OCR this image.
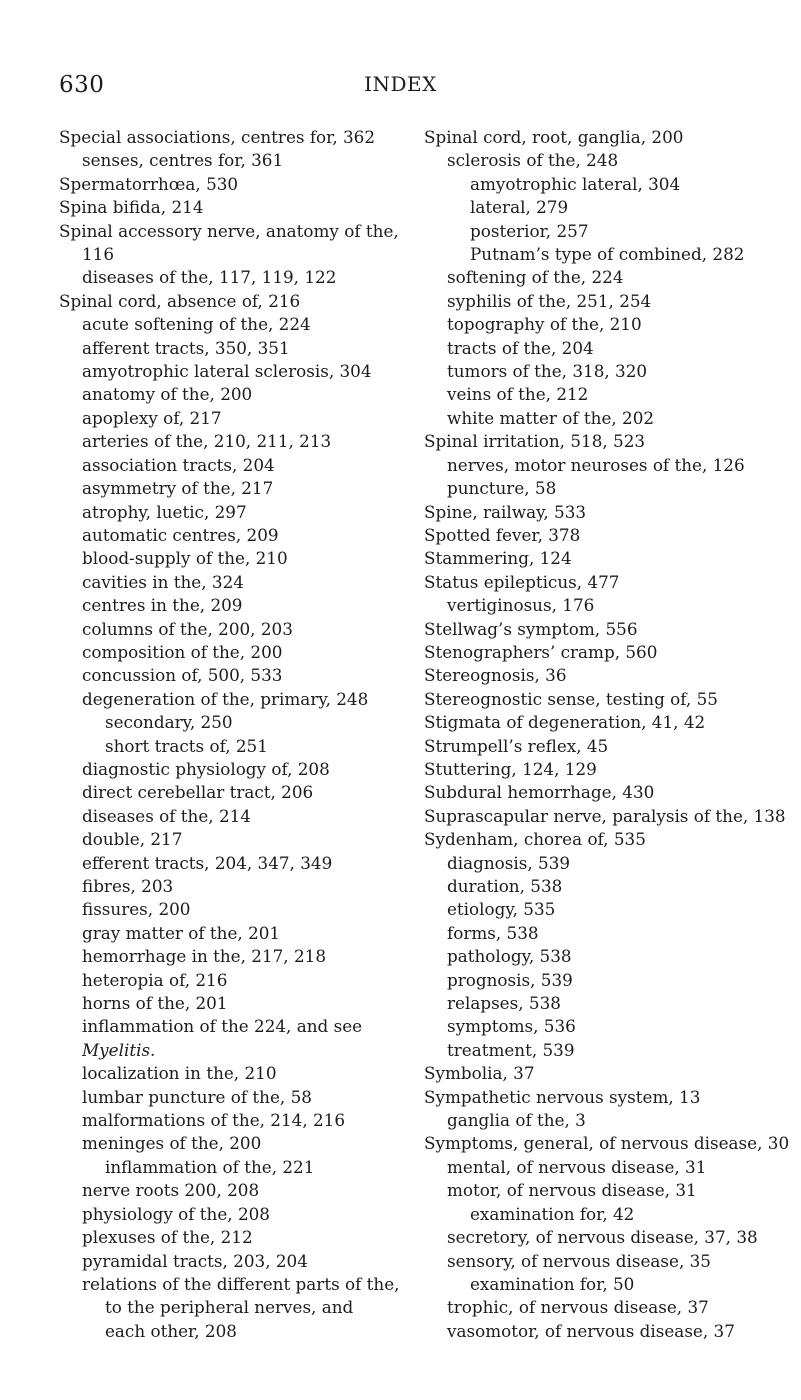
630	INDEX
Special associations, centres for, 362
senses, centres for, 361
Spermatorrhœa, 530
Spina bifida, 214
Spinal accessory nerve, anatomy of the,
116
diseases of the, 117, 119, 122
Spinal cord, absence of, 216
acute softening of the, 224
afferent tracts, 350, 351
amyotrophic lateral sclerosis, 304
anatomy of the, 200
apoplexy of, 217
arteries of the, 210, 211, 213
association tracts, 204
asymmetry of the, 217
atrophy, luetic, 297
automatic centres, 209
blood-supply of the, 210
cavities in the, 324
centres in the, 209
columns of the, 200, 203
composition of the, 200
concussion of, 500, 533
degeneration of the, primary, 248
secondary, 250
short tracts of, 251
diagnostic physiology of, 208
direct cerebellar tract, 206
diseases of the, 214
double, 217
efferent tracts, 204, 347, 349
fibres, 203
fissures, 200
gray matter of the, 201
hemorrhage in the, 217, 218
heteropia of, 216
horns of the, 201
inflammation of the 224, and see
Myelitis.
localization in the, 210
lumbar puncture of the, 58
malformations of the, 214, 216
meninges of the, 200
inflammation of the, 221
nerve roots 200, 208
physiology of the, 208
plexuses of the, 212
pyramidal tracts, 203, 204
relations of the different parts of the,
to the peripheral nerves, and
each other, 208
Spinal cord, root, ganglia, 200
sclerosis of the, 248
amyotrophic lateral, 304
lateral, 279
posterior, 257
Putnam’s type of combined, 282
softening of the, 224
syphilis of the, 251, 254
topography of the, 210
tracts of the, 204
tumors of the, 318, 320
veins of the, 212
white matter of the, 202
Spinal irritation, 518, 523
nerves, motor neuroses of the, 126
puncture, 58
Spine, railway, 533
Spotted fever, 378
Stammering, 124
Status epilepticus, 477
vertiginosus, 176
Stellwag’s symptom, 556
Stenographers’ cramp, 560
Stereognosis, 36
Stereognostic sense, testing of, 55
Stigmata of degeneration, 41, 42
Strumpell’s reflex, 45
Stuttering, 124, 129
Subdural hemorrhage, 430
Suprascapular nerve, paralysis of the, 138
Sydenham, chorea of, 535
diagnosis, 539
duration, 538
etiology, 535
forms, 538
pathology, 538
prognosis, 539
relapses, 538
symptoms, 536
treatment, 539
Symbolia, 37
Sympathetic nervous system, 13
ganglia of the, 3
Symptoms, general, of nervous disease, 30
mental, of nervous disease, 31
motor, of nervous disease, 31
examination for, 42
secretory, of nervous disease, 37, 38
sensory, of nervous disease, 35
examination for, 50
trophic, of nervous disease, 37
vasomotor, of nervous disease, 37
